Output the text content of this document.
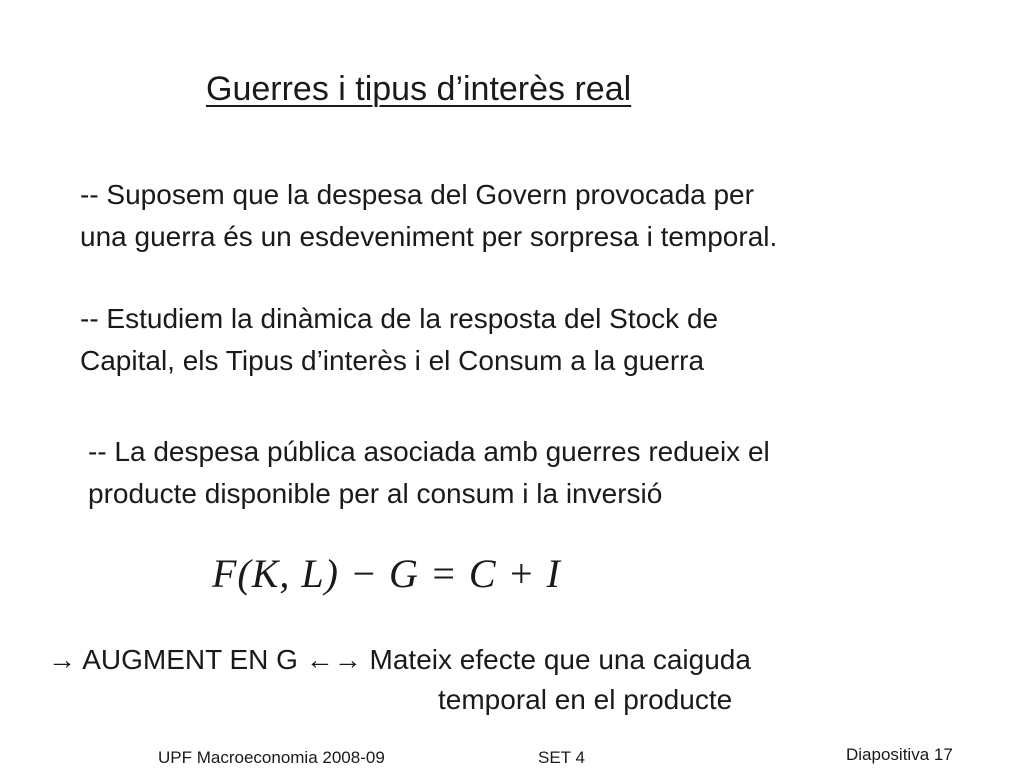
Guerres i tipus d’interès real
-- Suposem que la despesa del Govern provocada per
una guerra és un esdeveniment per sorpresa i temporal.
-- Estudiem la dinàmica de la resposta del Stock de
Capital, els Tipus d’interès i el Consum a la guerra
-- La despesa pública asociada amb guerres redueix el
producte disponible per al consum i la inversió
F(K, L) − G = C + I
→ AUGMENT EN G ←→ Mateix efecte que una caiguda
temporal en el producte
UPF Macroeconomia 2008-09	SET 4	Diapositiva 17
